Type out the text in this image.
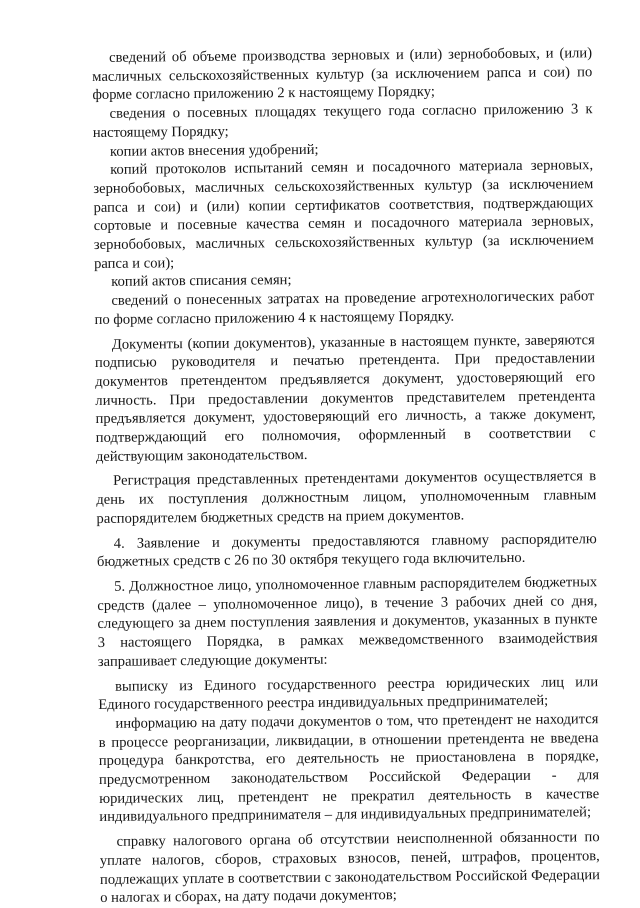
сведений об объеме производства зерновых и (или) зернобобовых, и (или) масличных сельскохозяйственных культур (за исключением рапса и сои) по форме согласно приложению 2 к настоящему Порядку;

сведения о посевных площадях текущего года согласно приложению 3 к настоящему Порядку;

копии актов внесения удобрений;

копий протоколов испытаний семян и посадочного материала зерновых, зернобобовых, масличных сельскохозяйственных культур (за исключением рапса и сои) и (или) копии сертификатов соответствия, подтверждающих сортовые и посевные качества семян и посадочного материала зерновых, зернобобовых, масличных сельскохозяйственных культур (за исключением рапса и сои);

копий актов списания семян;

сведений о понесенных затратах на проведение агротехнологических работ по форме согласно приложению 4 к настоящему Порядку.

Документы (копии документов), указанные в настоящем пункте, заверяются подписью руководителя и печатью претендента. При предоставлении документов претендентом предъявляется документ, удостоверяющий его личность. При предоставлении документов представителем претендента предъявляется документ, удостоверяющий его личность, а также документ, подтверждающий его полномочия, оформленный в соответствии с действующим законодательством.

Регистрация представленных претендентами документов осуществляется в день их поступления должностным лицом, уполномоченным главным распорядителем бюджетных средств на прием документов.

4. Заявление и документы предоставляются главному распорядителю бюджетных средств с 26 по 30 октября текущего года включительно.

5. Должностное лицо, уполномоченное главным распорядителем бюджетных средств (далее – уполномоченное лицо), в течение 3 рабочих дней со дня, следующего за днем поступления заявления и документов, указанных в пункте 3 настоящего Порядка, в рамках межведомственного взаимодействия запрашивает следующие документы:

выписку из Единого государственного реестра юридических лиц или Единого государственного реестра индивидуальных предпринимателей;

информацию на дату подачи документов о том, что претендент не находится в процессе реорганизации, ликвидации, в отношении претендента не введена процедура банкротства, его деятельность не приостановлена в порядке, предусмотренном законодательством Российской Федерации - для юридических лиц, претендент не прекратил деятельность в качестве индивидуального предпринимателя – для индивидуальных предпринимателей;

справку налогового органа об отсутствии неисполненной обязанности по уплате налогов, сборов, страховых взносов, пеней, штрафов, процентов, подлежащих уплате в соответствии с законодательством Российской Федерации о налогах и сборах, на дату подачи документов;
